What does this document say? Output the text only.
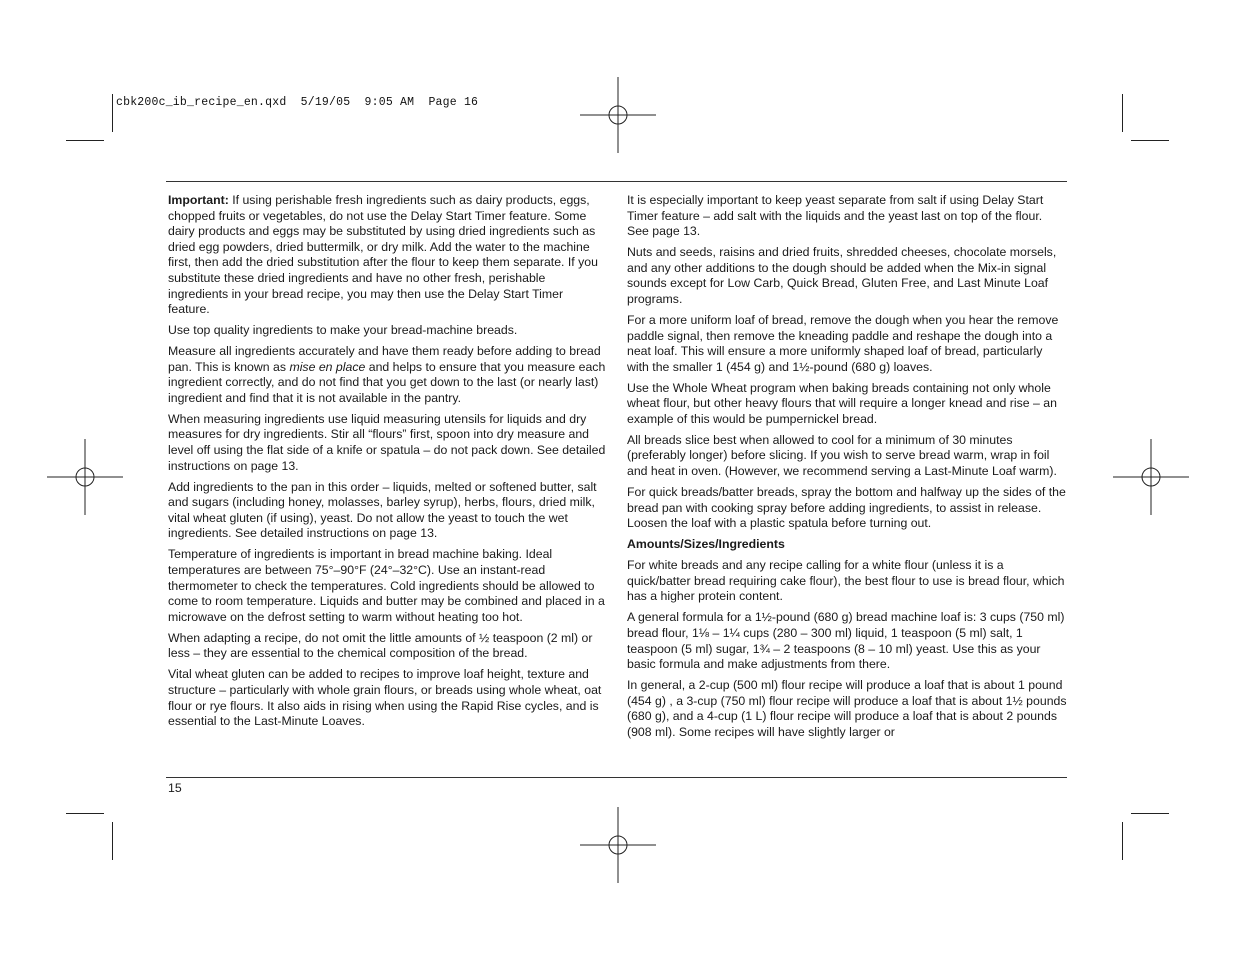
cbk200c_ib_recipe_en.qxd  5/19/05  9:05 AM  Page 16

Important: If using perishable fresh ingredients such as dairy products, eggs, chopped fruits or vegetables, do not use the Delay Start Timer feature. Some dairy products and eggs may be substituted by using dried ingredients such as dried egg powders, dried buttermilk, or dry milk. Add the water to the machine first, then add the dried substitution after the flour to keep them separate. If you substitute these dried ingredients and have no other fresh, perishable ingredients in your bread recipe, you may then use the Delay Start Timer feature.

Use top quality ingredients to make your bread-machine breads.

Measure all ingredients accurately and have them ready before adding to bread pan. This is known as mise en place and helps to ensure that you measure each ingredient correctly, and do not find that you get down to the last (or nearly last) ingredient and find that it is not available in the pantry.

When measuring ingredients use liquid measuring utensils for liquids and dry measures for dry ingredients. Stir all “flours” first, spoon into dry measure and level off using the flat side of a knife or spatula – do not pack down. See detailed instructions on page 13.

Add ingredients to the pan in this order – liquids, melted or softened butter, salt and sugars (including honey, molasses, barley syrup), herbs, flours, dried milk, vital wheat gluten (if using), yeast. Do not allow the yeast to touch the wet ingredients. See detailed instructions on page 13.

Temperature of ingredients is important in bread machine baking. Ideal temperatures are between 75°–90°F (24°–32°C). Use an instant-read thermometer to check the temperatures. Cold ingredients should be allowed to come to room temperature. Liquids and butter may be combined and placed in a microwave on the defrost setting to warm without heating too hot.

When adapting a recipe, do not omit the little amounts of ½ teaspoon (2 ml) or less – they are essential to the chemical composition of the bread.

Vital wheat gluten can be added to recipes to improve loaf height, texture and structure – particularly with whole grain flours, or breads using whole wheat, oat flour or rye flours. It also aids in rising when using the Rapid Rise cycles, and is essential to the Last-Minute Loaves.

It is especially important to keep yeast separate from salt if using Delay Start Timer feature – add salt with the liquids and the yeast last on top of the flour. See page 13.

Nuts and seeds, raisins and dried fruits, shredded cheeses, chocolate morsels, and any other additions to the dough should be added when the Mix-in signal sounds except for Low Carb, Quick Bread, Gluten Free, and Last Minute Loaf programs.

For a more uniform loaf of bread, remove the dough when you hear the remove paddle signal, then remove the kneading paddle and reshape the dough into a neat loaf. This will ensure a more uniformly shaped loaf of bread, particularly with the smaller 1 (454 g) and 1½-pound (680 g) loaves.

Use the Whole Wheat program when baking breads containing not only whole wheat flour, but other heavy flours that will require a longer knead and rise – an example of this would be pumpernickel bread.

All breads slice best when allowed to cool for a minimum of 30 minutes (preferably longer) before slicing. If you wish to serve bread warm, wrap in foil and heat in oven. (However, we recommend serving a Last-Minute Loaf warm).

For quick breads/batter breads, spray the bottom and halfway up the sides of the bread pan with cooking spray before adding ingredients, to assist in release. Loosen the loaf with a plastic spatula before turning out.

Amounts/Sizes/Ingredients

For white breads and any recipe calling for a white flour (unless it is a quick/batter bread requiring cake flour), the best flour to use is bread flour, which has a higher protein content.

A general formula for a 1½-pound (680 g) bread machine loaf is: 3 cups (750 ml) bread flour, 1⅛ – 1¼ cups (280 – 300 ml) liquid, 1 teaspoon (5 ml) salt, 1 teaspoon (5 ml) sugar, 1¾ – 2 teaspoons (8 – 10 ml) yeast. Use this as your basic formula and make adjustments from there.

In general, a 2-cup (500 ml) flour recipe will produce a loaf that is about 1 pound (454 g) , a 3-cup (750 ml) flour recipe will produce a loaf that is about 1½ pounds (680 g), and a 4-cup (1 L) flour recipe will produce a loaf that is about 2 pounds (908 ml). Some recipes will have slightly larger or

15
